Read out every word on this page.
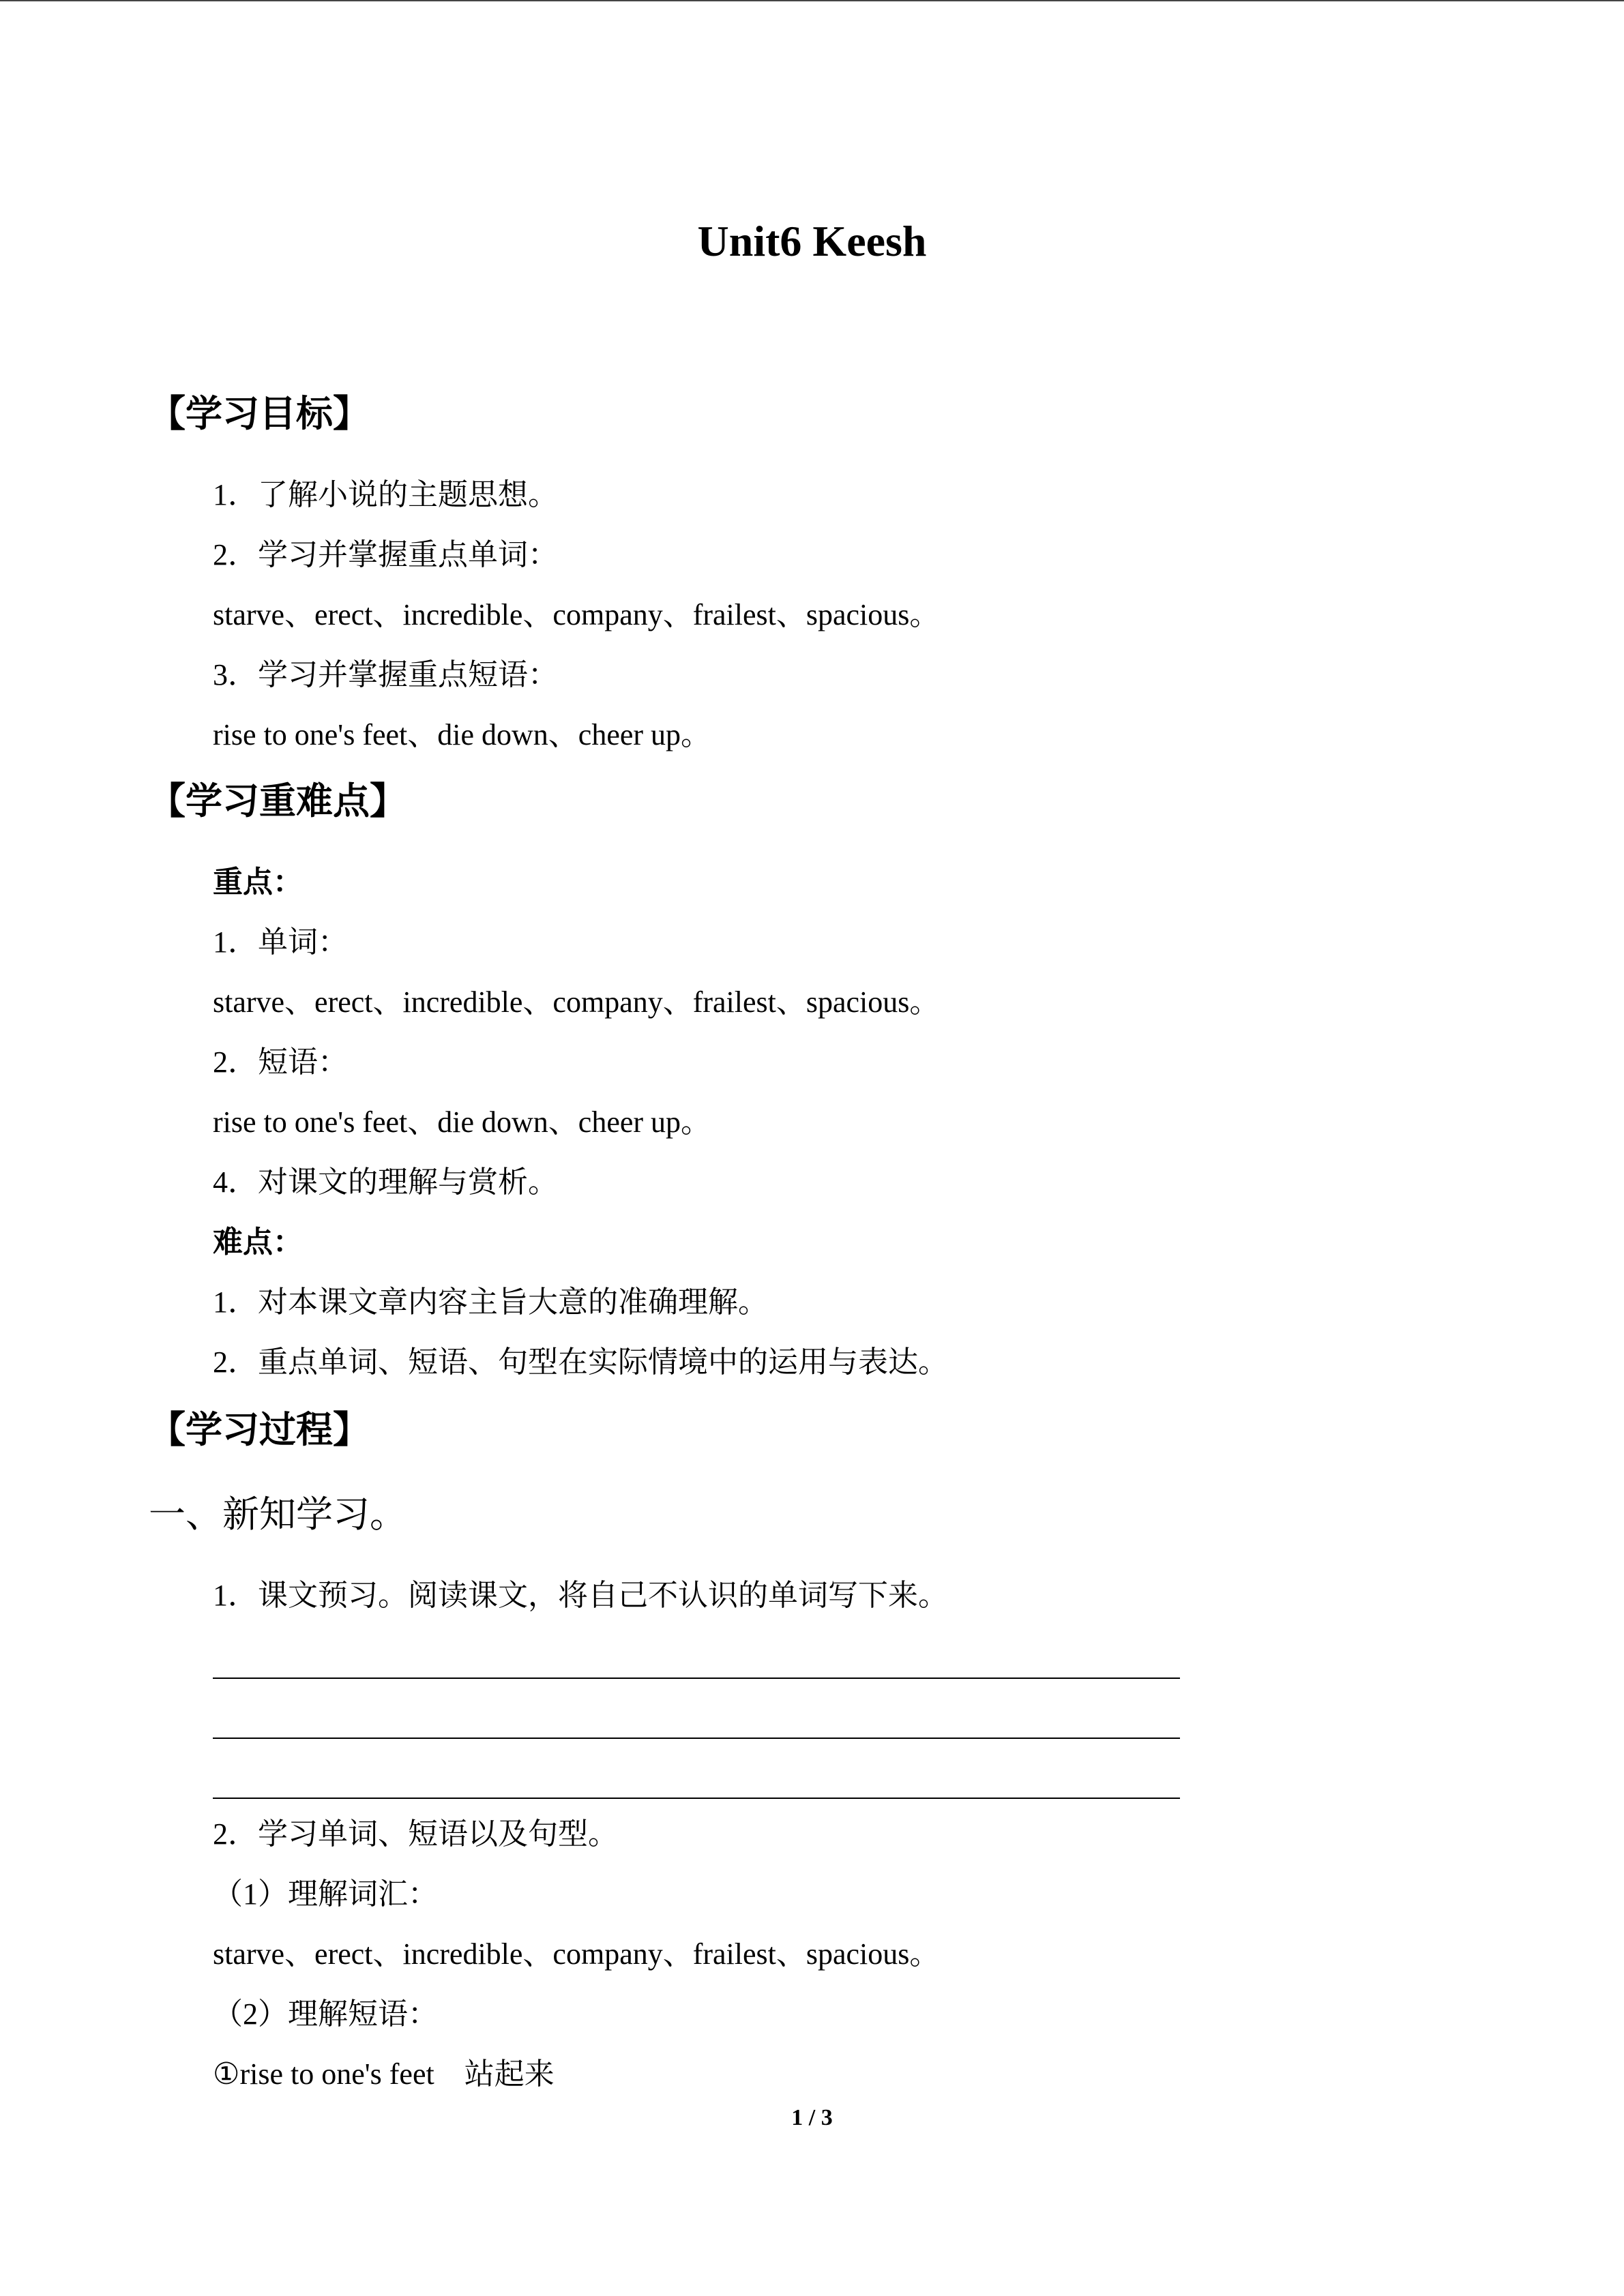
Unit6 Keesh
【学习目标】
1．了解小说的主题思想。
2．学习并掌握重点单词：
starve、erect、incredible、company、frailest、spacious。
3．学习并掌握重点短语：
rise to one's feet、die down、cheer up。
【学习重难点】
重点：
1．单词：
starve、erect、incredible、company、frailest、spacious。
2．短语：
rise to one's feet、die down、cheer up。
4．对课文的理解与赏析。
难点：
1．对本课文章内容主旨大意的准确理解。
2．重点单词、短语、句型在实际情境中的运用与表达。
【学习过程】
一、新知学习。
1．课文预习。阅读课文，将自己不认识的单词写下来。
2．学习单词、短语以及句型。
（1）理解词汇：
starve、erect、incredible、company、frailest、spacious。
（2）理解短语：
①rise to one's feet　站起来
1 / 3
